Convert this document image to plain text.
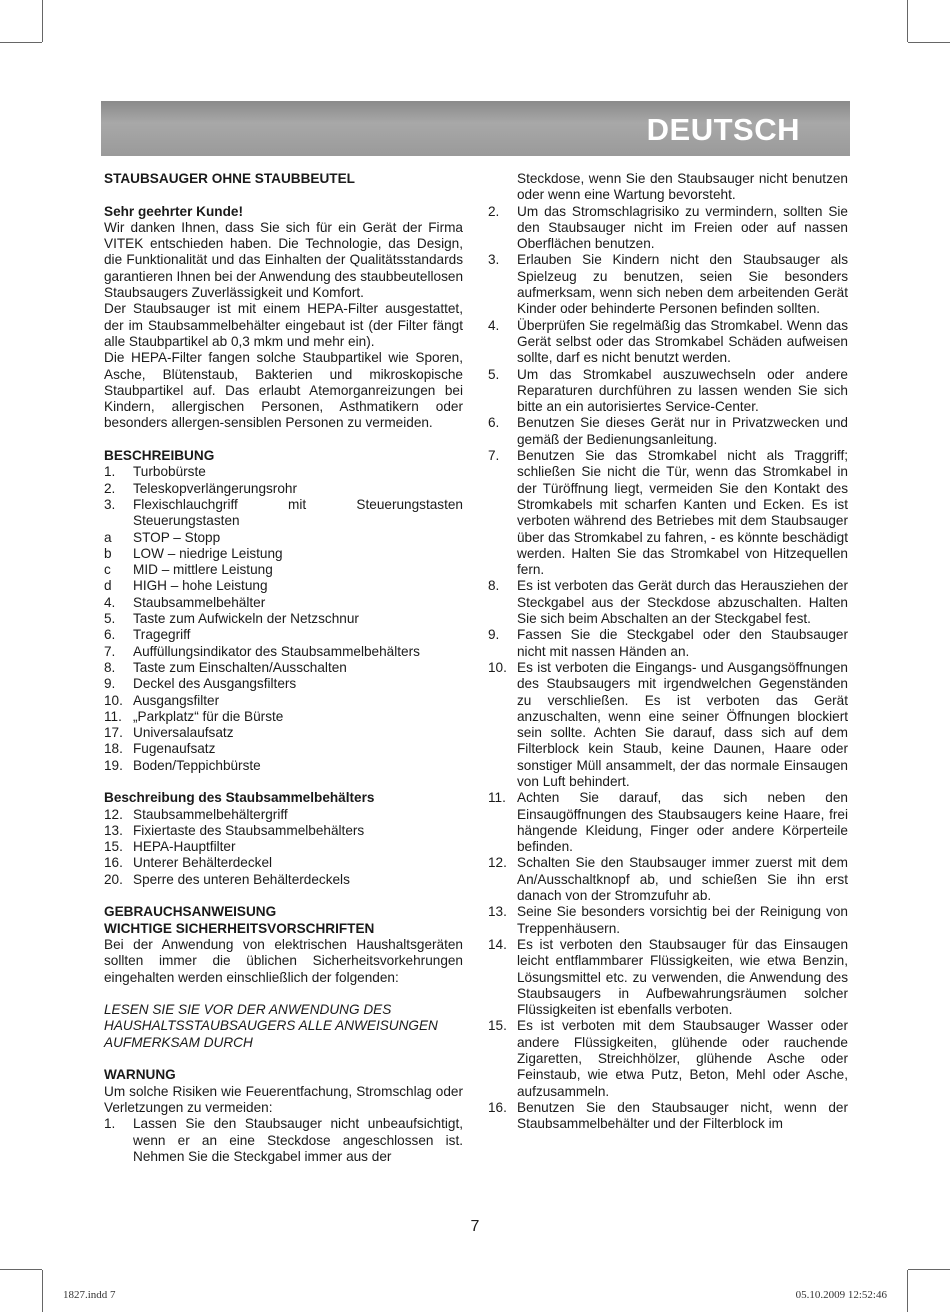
DEUTSCH

STAUBSAUGER OHNE STAUBBEUTEL

Sehr geehrter Kunde!

Wir danken Ihnen, dass Sie sich für ein Gerät der Firma VITEK entschieden haben. Die Technologie, das Design, die Funktionalität und das Einhalten der Qualitätsstandards garantieren Ihnen bei der Anwendung des staubbeutellosen Staubsaugers Zuverlässigkeit und Komfort.

Der Staubsauger ist mit einem HEPA-Filter ausgestattet, der im Staubsammelbehälter eingebaut ist (der Filter fängt alle Staubpartikel ab 0,3 mkm und mehr ein).

Die HEPA-Filter fangen solche Staubpartikel wie Sporen, Asche, Blütenstaub, Bakterien und mikroskopische Staubpartikel auf. Das erlaubt Atemorganreizungen bei Kindern, allergischen Personen, Asthmatikern oder besonders allergen-sensiblen Personen zu vermeiden.

BESCHREIBUNG

1.	Turbobürste
2.	Teleskopverlängerungsrohr
3.	Flexischlauchgriff mit Steuerungstasten Steuerungstasten
a	STOP – Stopp
b	LOW – niedrige Leistung
c	MID – mittlere Leistung
d	HIGH – hohe Leistung
4.	Staubsammelbehälter
5.	Taste zum Aufwickeln der Netzschnur
6.	Tragegriff
7.	Auffüllungsindikator des Staubsammelbehälters
8.	Taste zum Einschalten/Ausschalten
9.	Deckel des Ausgangsfilters
10. Ausgangsfilter
11. „Parkplatz“ für die Bürste
17. Universalaufsatz
18. Fugenaufsatz
19. Boden/Teppichbürste

Beschreibung des Staubsammelbehälters

12. Staubsammelbehältergriff
13. Fixiertaste des Staubsammelbehälters
15. HEPA-Hauptfilter
16. Unterer Behälterdeckel
20. Sperre des unteren Behälterdeckels

GEBRAUCHSANWEISUNG

WICHTIGE SICHERHEITSVORSCHRIFTEN

Bei der Anwendung von elektrischen Haushaltsgeräten sollten immer die üblichen Sicherheitsvorkehrungen eingehalten werden einschließlich der folgenden:

LESEN SIE SIE VOR DER ANWENDUNG DES

HAUSHALTSSTAUBSAUGERS ALLE ANWEISUNGEN

AUFMERKSAM DURCH

WARNUNG

Um solche Risiken wie Feuerentfachung, Stromschlag oder Verletzungen zu vermeiden:

1.	Lassen Sie den Staubsauger nicht unbeaufsichtigt, wenn er an eine Steckdose angeschlossen ist. Nehmen Sie die Steckgabel immer aus der
Steckdose, wenn Sie den Staubsauger nicht benutzen oder wenn eine Wartung bevorsteht.
2.	Um das Stromschlagrisiko zu vermindern, sollten Sie den Staubsauger nicht im Freien oder auf nassen Oberflächen benutzen.
3.	Erlauben Sie Kindern nicht den Staubsauger als Spielzeug zu benutzen, seien Sie besonders aufmerksam, wenn sich neben dem arbeitenden Gerät Kinder oder behinderte Personen befinden sollten.
4.	Überprüfen Sie regelmäßig das Stromkabel. Wenn das Gerät selbst oder das Stromkabel Schäden aufweisen sollte, darf es nicht benutzt werden.
5.	Um das Stromkabel auszuwechseln oder andere Reparaturen durchführen zu lassen wenden Sie sich bitte an ein autorisiertes Service-Center.
6.	Benutzen Sie dieses Gerät nur in Privatzwecken und gemäß der Bedienungsanleitung.
7.	Benutzen Sie das Stromkabel nicht als Traggriff; schließen Sie nicht die Tür, wenn das Stromkabel in der Türöffnung liegt, vermeiden Sie den Kontakt des Stromkabels mit scharfen Kanten und Ecken. Es ist verboten während des Betriebes mit dem Staubsauger über das Stromkabel zu fahren, - es könnte beschädigt werden. Halten Sie das Stromkabel von Hitzequellen fern.
8.	Es ist verboten das Gerät durch das Herausziehen der Steckgabel aus der Steckdose abzuschalten. Halten Sie sich beim Abschalten an der Steckgabel fest.
9.	Fassen Sie die Steckgabel oder den Staubsauger nicht mit nassen Händen an.
10. Es ist verboten die Eingangs- und Ausgangsöffnungen des Staubsaugers mit irgendwelchen Gegenständen zu verschließen. Es ist verboten das Gerät anzuschalten, wenn eine seiner Öffnungen blockiert sein sollte. Achten Sie darauf, dass sich auf dem Filterblock kein Staub, keine Daunen, Haare oder sonstiger Müll ansammelt, der das normale Einsaugen von Luft behindert.
11. Achten Sie darauf, das sich neben den Einsaugöffnungen des Staubsaugers keine Haare, frei hängende Kleidung, Finger oder andere Körperteile befinden.
12. Schalten Sie den Staubsauger immer zuerst mit dem An/Ausschaltknopf ab, und schießen Sie ihn erst danach von der Stromzufuhr ab.
13. Seine Sie besonders vorsichtig bei der Reinigung von Treppenhäusern.
14. Es ist verboten den Staubsauger für das Einsaugen leicht entflammbarer Flüssigkeiten, wie etwa Benzin, Lösungsmittel etc. zu verwenden, die Anwendung des Staubsaugers in Aufbewahrungsräumen solcher Flüssigkeiten ist ebenfalls verboten.
15. Es ist verboten mit dem Staubsauger Wasser oder andere Flüssigkeiten, glühende oder rauchende Zigaretten, Streichhölzer, glühende Asche oder Feinstaub, wie etwa Putz, Beton, Mehl oder Asche, aufzusammeln.
16. Benutzen Sie den Staubsauger nicht, wenn der Staubsammelbehälter und der Filterblock im
7
1827.indd 7	05.10.2009 12:52:46
